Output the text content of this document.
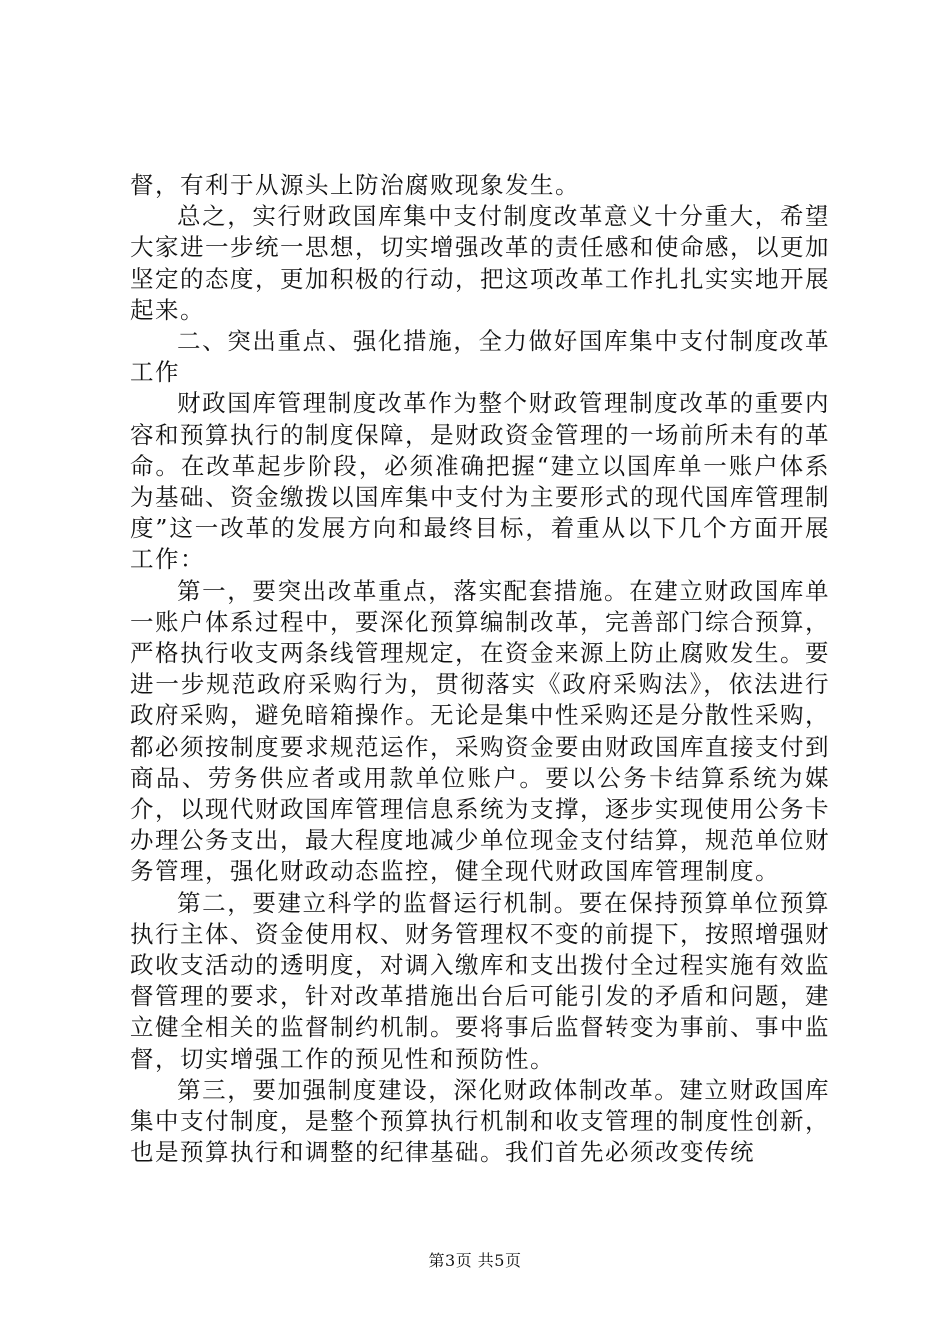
督，有利于从源头上防治腐败现象发生。

总之，实行财政国库集中支付制度改革意义十分重大，希望大家进一步统一思想，切实增强改革的责任感和使命感，以更加坚定的态度，更加积极的行动，把这项改革工作扎扎实实地开展起来。

二、突出重点、强化措施，全力做好国库集中支付制度改革工作

财政国库管理制度改革作为整个财政管理制度改革的重要内容和预算执行的制度保障，是财政资金管理的一场前所未有的革命。在改革起步阶段，必须准确把握“建立以国库单一账户体系为基础、资金缴拨以国库集中支付为主要形式的现代国库管理制度”这一改革的发展方向和最终目标，着重从以下几个方面开展工作：

第一，要突出改革重点，落实配套措施。在建立财政国库单一账户体系过程中，要深化预算编制改革，完善部门综合预算，严格执行收支两条线管理规定，在资金来源上防止腐败发生。要进一步规范政府采购行为，贯彻落实《政府采购法》，依法进行政府采购，避免暗箱操作。无论是集中性采购还是分散性采购，都必须按制度要求规范运作，采购资金要由财政国库直接支付到商品、劳务供应者或用款单位账户。要以公务卡结算系统为媒介，以现代财政国库管理信息系统为支撑，逐步实现使用公务卡办理公务支出，最大程度地减少单位现金支付结算，规范单位财务管理，强化财政动态监控，健全现代财政国库管理制度。

第二，要建立科学的监督运行机制。要在保持预算单位预算执行主体、资金使用权、财务管理权不变的前提下，按照增强财政收支活动的透明度，对调入缴库和支出拨付全过程实施有效监督管理的要求，针对改革措施出台后可能引发的矛盾和问题，建立健全相关的监督制约机制。要将事后监督转变为事前、事中监督，切实增强工作的预见性和预防性。

第三，要加强制度建设，深化财政体制改革。建立财政国库集中支付制度，是整个预算执行机制和收支管理的制度性创新，也是预算执行和调整的纪律基础。我们首先必须改变传统

第3页 共5页
